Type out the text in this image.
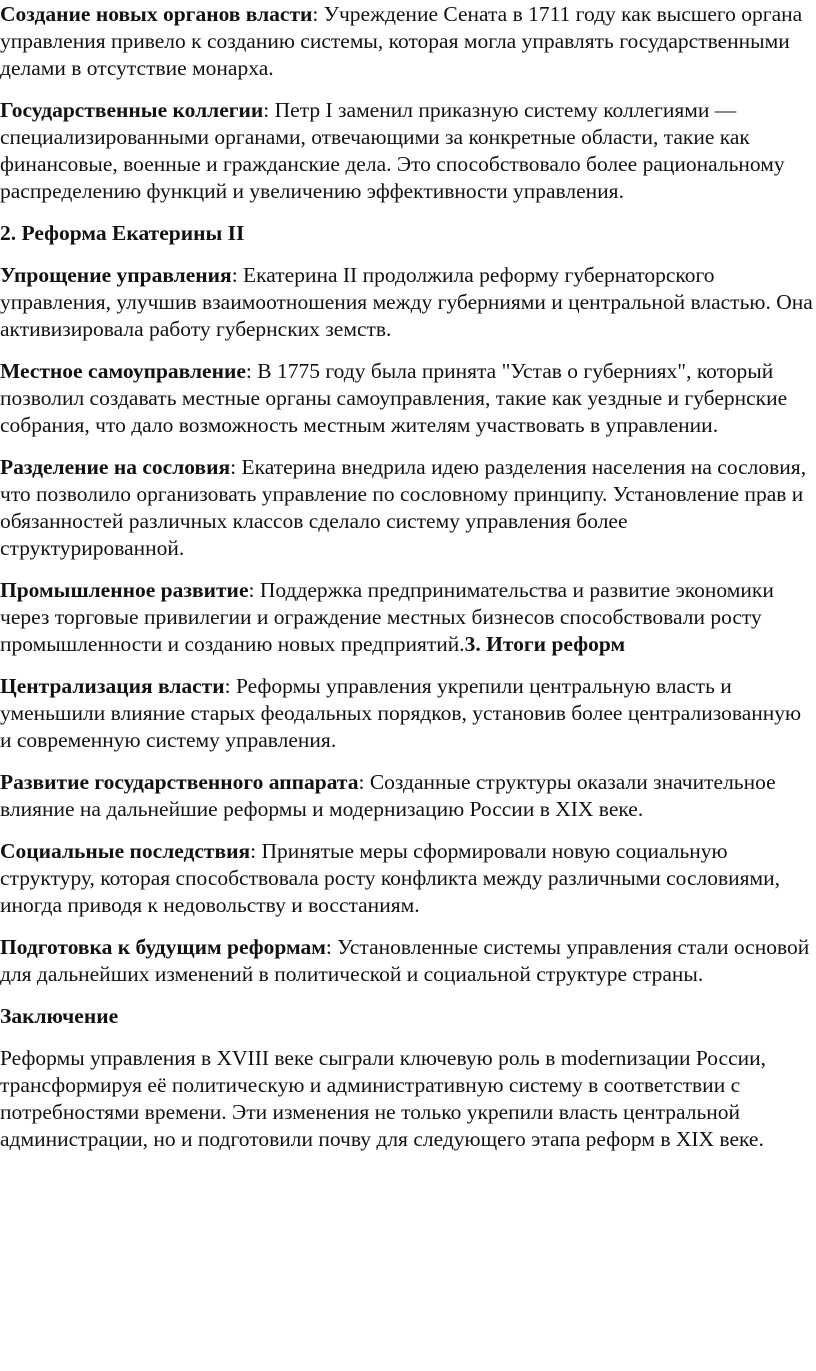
Создание новых органов власти: Учреждение Сената в 1711 году как высшего органа управления привело к созданию системы, которая могла управлять государственными делами в отсутствие монарха.

Государственные коллегии: Петр I заменил приказную систему коллегиями — специализированными органами, отвечающими за конкретные области, такие как финансовые, военные и гражданские дела. Это способствовало более рациональному распределению функций и увеличению эффективности управления.

2. Реформа Екатерины II

Упрощение управления: Екатерина II продолжила реформу губернаторского управления, улучшив взаимоотношения между губерниями и центральной властью. Она активизировала работу губернских земств.

Местное самоуправление: В 1775 году была принята "Устав о губерниях", который позволил создавать местные органы самоуправления, такие как уездные и губернские собрания, что дало возможность местным жителям участвовать в управлении.

Разделение на сословия: Екатерина внедрила идею разделения населения на сословия, что позволило организовать управление по сословному принципу. Установление прав и обязанностей различных классов сделало систему управления более структурированной.

Промышленное развитие: Поддержка предпринимательства и развитие экономики через торговые привилегии и ограждение местных бизнесов способствовали росту промышленности и созданию новых предприятий.3. Итоги реформ

Централизация власти: Реформы управления укрепили центральную власть и уменьшили влияние старых феодальных порядков, установив более централизованную и современную систему управления.

Развитие государственного аппарата: Созданные структуры оказали значительное влияние на дальнейшие реформы и модернизацию России в XIX веке.

Социальные последствия: Принятые меры сформировали новую социальную структуру, которая способствовала росту конфликта между различными сословиями, иногда приводя к недовольству и восстаниям.

Подготовка к будущим реформам: Установленные системы управления стали основой для дальнейших изменений в политической и социальной структуре страны.

Заключение

Реформы управления в XVIII веке сыграли ключевую роль в modernизации России, трансформируя её политическую и административную систему в соответствии с потребностями времени. Эти изменения не только укрепили власть центральной администрации, но и подготовили почву для следующего этапа реформ в XIX веке.
